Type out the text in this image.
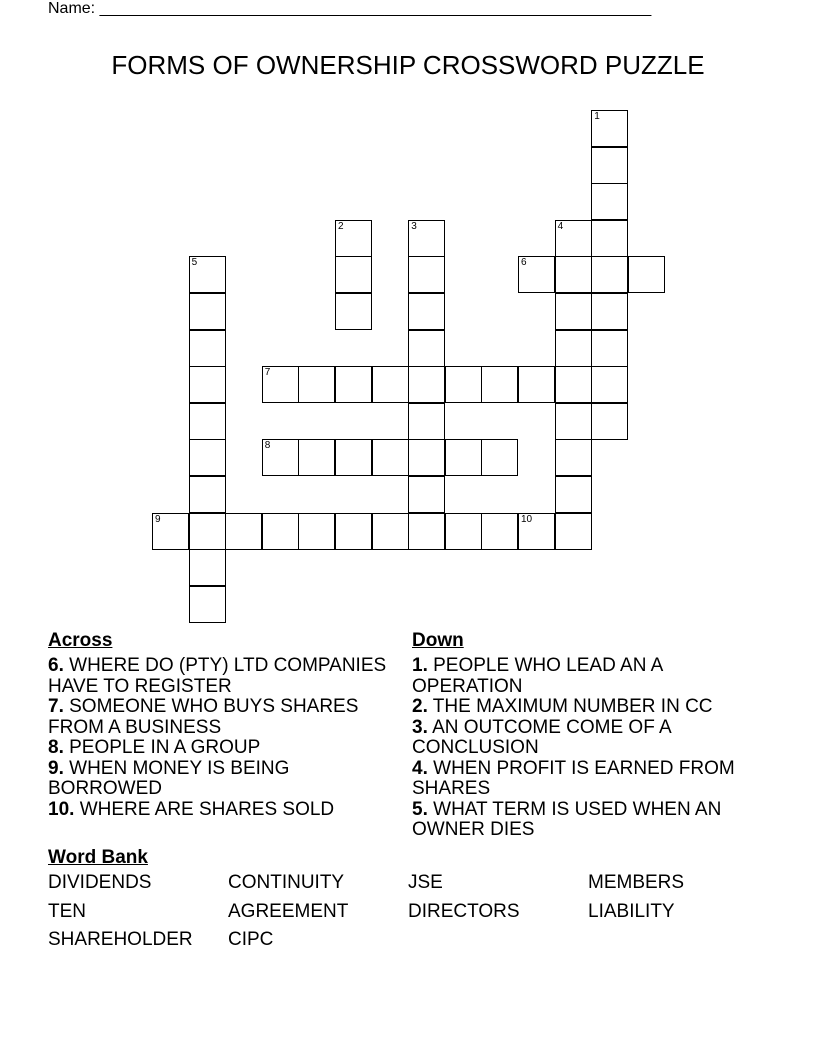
Name: ______________________________________________________________
FORMS OF OWNERSHIP CROSSWORD PUZZLE
1
2	3	4
5	6
7
8
9	10
Across
6. WHERE DO (PTY) LTD COMPANIES HAVE TO REGISTER
7. SOMEONE WHO BUYS SHARES FROM A BUSINESS
8. PEOPLE IN A GROUP
9. WHEN MONEY IS BEING BORROWED
10. WHERE ARE SHARES SOLD
Down
1. PEOPLE WHO LEAD AN A OPERATION
2. THE MAXIMUM NUMBER IN CC
3. AN OUTCOME COME OF A CONCLUSION
4. WHEN PROFIT IS EARNED FROM SHARES
5. WHAT TERM IS USED WHEN AN OWNER DIES
Word Bank
DIVIDENDS	CONTINUITY	JSE	MEMBERS
TEN	AGREEMENT	DIRECTORS	LIABILITY
SHAREHOLDER CIPC
